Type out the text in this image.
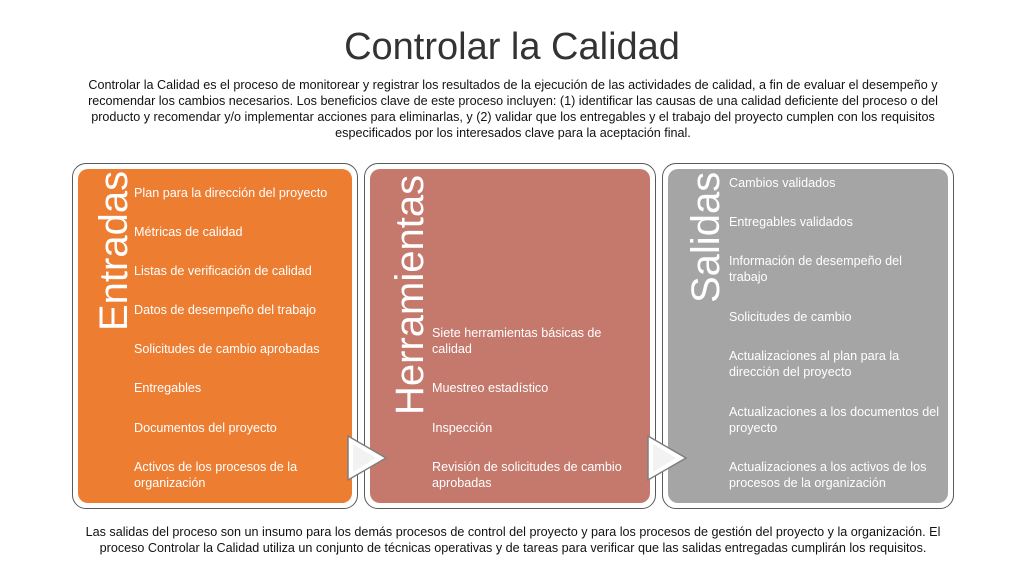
Controlar la Calidad

Controlar la Calidad es el proceso de monitorear y registrar los resultados de la ejecución de las actividades de calidad, a fin de evaluar el desempeño y recomendar los cambios necesarios. Los beneficios clave de este proceso incluyen: (1) identificar las causas de una calidad deficiente del proceso o del producto y recomendar y/o implementar acciones para eliminarlas, y (2) validar que los entregables y el trabajo del proyecto cumplen con los requisitos especificados por los interesados clave para la aceptación final.

Entradas
Plan para la dirección del proyecto
Métricas de calidad
Listas de verificación de calidad
Datos de desempeño del trabajo
Solicitudes de cambio aprobadas
Entregables
Documentos del proyecto
Activos de los procesos de la organización
Herramientas Siete herramientas básicas de calidad
Muestreo estadístico
Inspección
Revisión de solicitudes de cambio aprobadas
Salidas Cambios validados
Entregables validados
Información de desempeño del trabajo
Solicitudes de cambio
Actualizaciones al plan para la dirección del proyecto
Actualizaciones a los documentos del proyecto
Actualizaciones a los activos de los procesos de la organización

Las salidas del proceso son un insumo para los demás procesos de control del proyecto y para los procesos de gestión del proyecto y la organización. El proceso Controlar la Calidad utiliza un conjunto de técnicas operativas y de tareas para verificar que las salidas entregadas cumplirán los requisitos.
